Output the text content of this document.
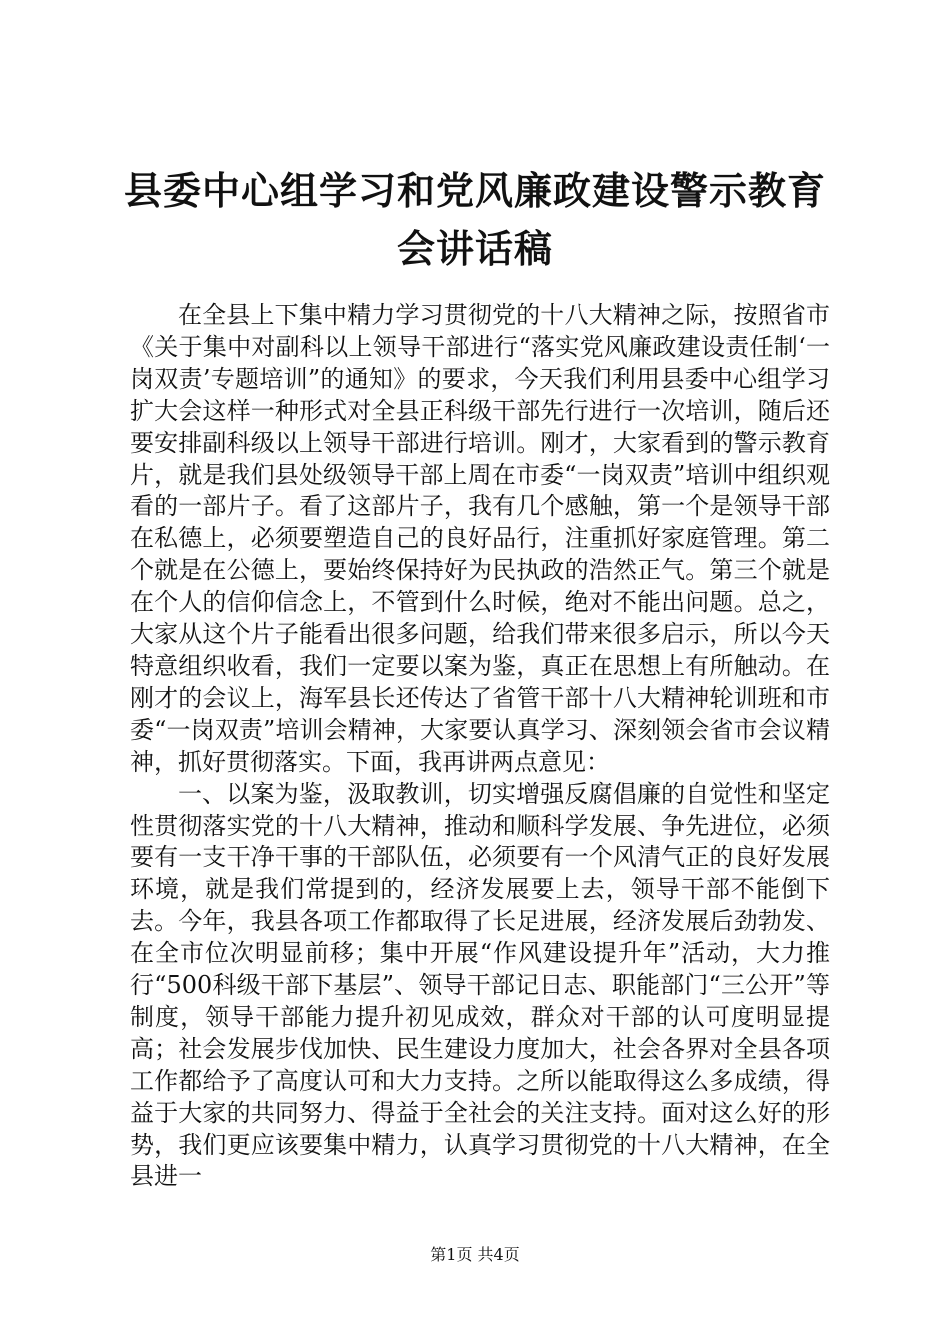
县委中心组学习和党风廉政建设警示教育会讲话稿

在全县上下集中精力学习贯彻党的十八大精神之际，按照省市《关于集中对副科以上领导干部进行“落实党风廉政建设责任制‘一岗双责’专题培训”的通知》的要求，今天我们利用县委中心组学习扩大会这样一种形式对全县正科级干部先行进行一次培训，随后还要安排副科级以上领导干部进行培训。刚才，大家看到的警示教育片，就是我们县处级领导干部上周在市委“一岗双责”培训中组织观看的一部片子。看了这部片子，我有几个感触，第一个是领导干部在私德上，必须要塑造自己的良好品行，注重抓好家庭管理。第二个就是在公德上，要始终保持好为民执政的浩然正气。第三个就是在个人的信仰信念上，不管到什么时候，绝对不能出问题。总之，大家从这个片子能看出很多问题，给我们带来很多启示，所以今天特意组织收看，我们一定要以案为鉴，真正在思想上有所触动。在刚才的会议上，海军县长还传达了省管干部十八大精神轮训班和市委“一岗双责”培训会精神，大家要认真学习、深刻领会省市会议精神，抓好贯彻落实。下面，我再讲两点意见：

一、以案为鉴，汲取教训，切实增强反腐倡廉的自觉性和坚定性贯彻落实党的十八大精神，推动和顺科学发展、争先进位，必须要有一支干净干事的干部队伍，必须要有一个风清气正的良好发展环境，就是我们常提到的，经济发展要上去，领导干部不能倒下去。今年，我县各项工作都取得了长足进展，经济发展后劲勃发、在全市位次明显前移；集中开展“作风建设提升年”活动，大力推行“500科级干部下基层”、领导干部记日志、职能部门“三公开”等制度，领导干部能力提升初见成效，群众对干部的认可度明显提高；社会发展步伐加快、民生建设力度加大，社会各界对全县各项工作都给予了高度认可和大力支持。之所以能取得这么多成绩，得益于大家的共同努力、得益于全社会的关注支持。面对这么好的形势，我们更应该要集中精力，认真学习贯彻党的十八大精神，在全县进一

第1页 共4页
